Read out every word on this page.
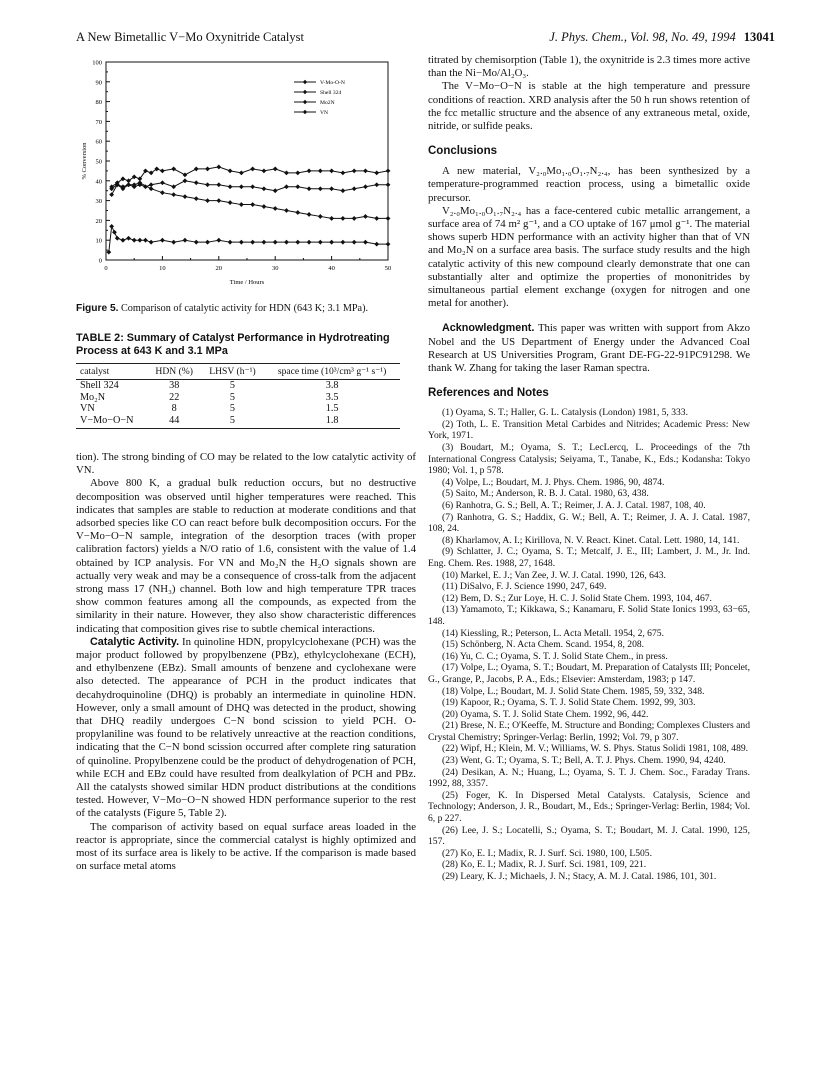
A New Bimetallic V−Mo Oxynitride Catalyst	J. Phys. Chem., Vol. 98, No. 49, 1994 13041
0
10
20
30
40
50
60
70
80
90
100
0	10	20	30	40	50
Time / Hours
% Conversion
V-Mo-O-N
Shell 324
Mo2N
VN
Figure 5. Comparison of catalytic activity for HDN (643 K; 3.1 MPa).
TABLE 2: Summary of Catalyst Performance in Hydrotreating Process at 643 K and 3.1 MPa
catalyst	HDN (%)	LHSV (h⁻¹)	space time (10³/cm³ g⁻¹ s⁻¹)
Shell 324	38	5	3.8
Mo₂N	22	5	3.5
VN	8	5	1.5
V−Mo−O−N	44	5	1.8

tion). The strong binding of CO may be related to the low catalytic activity of VN.

Above 800 K, a gradual bulk reduction occurs, but no destructive decomposition was observed until higher temperatures were reached. This indicates that samples are stable to reduction at moderate conditions and that adsorbed species like CO can react before bulk decomposition occurs. For the V−Mo−O−N sample, integration of the desorption traces (with proper calibration factors) yields a N/O ratio of 1.6, consistent with the value of 1.4 obtained by ICP analysis. For VN and Mo₂N the H₂O signals shown are actually very weak and may be a consequence of cross-talk from the adjacent strong mass 17 (NH₃) channel. Both low and high temperature TPR traces show common features among all the compounds, as expected from the similarity in their nature. However, they also show characteristic differences indicating that composition gives rise to subtle chemical interactions.

Catalytic Activity. In quinoline HDN, propylcyclohexane (PCH) was the major product followed by propylbenzene (PBz), ethylcyclohexane (ECH), and ethylbenzene (EBz). Small amounts of benzene and cyclohexane were also detected. The appearance of PCH in the product indicates that decahydroquinoline (DHQ) is probably an intermediate in quinoline HDN. However, only a small amount of DHQ was detected in the product, showing that DHQ readily undergoes C−N bond scission to yield PCH. O-propylaniline was found to be relatively unreactive at the reaction conditions, indicating that the C−N bond scission occurred after complete ring saturation of quinoline. Propylbenzene could be the product of dehydrogenation of PCH, while ECH and EBz could have resulted from dealkylation of PCH and PBz. All the catalysts showed similar HDN product distributions at the conditions tested. However, V−Mo−O−N showed HDN performance superior to the rest of the catalysts (Figure 5, Table 2).

The comparison of activity based on equal surface areas loaded in the reactor is appropriate, since the commercial catalyst is highly optimized and most of its surface area is likely to be active. If the comparison is made based on surface metal atoms

titrated by chemisorption (Table 1), the oxynitride is 2.3 times more active than the Ni−Mo/Al₂O₃.

The V−Mo−O−N is stable at the high temperature and pressure conditions of reaction. XRD analysis after the 50 h run shows retention of the fcc metallic structure and the absence of any extraneous metal, oxide, nitride, or sulfide peaks.

Conclusions

A new material, V₂.₀Mo₁.₀O₁.₇N₂.₄, has been synthesized by a temperature-programmed reaction process, using a bimetallic oxide precursor.

V₂.₀Mo₁.₀O₁.₇N₂.₄ has a face-centered cubic metallic arrangement, a surface area of 74 m² g⁻¹, and a CO uptake of 167 μmol g⁻¹. The material shows superb HDN performance with an activity higher than that of VN and Mo₂N on a surface area basis. The surface study results and the high catalytic activity of this new compound clearly demonstrate that one can substantially alter and optimize the properties of mononitrides by simultaneous partial element exchange (oxygen for nitrogen and one metal for another).

Acknowledgment. This paper was written with support from Akzo Nobel and the US Department of Energy under the Advanced Coal Research at US Universities Program, Grant DE-FG-22-91PC91298. We thank W. Zhang for taking the laser Raman spectra.

References and Notes

(1) Oyama, S. T.; Haller, G. L. Catalysis (London) 1981, 5, 333.

(2) Toth, L. E. Transition Metal Carbides and Nitrides; Academic Press: New York, 1971.

(3) Boudart, M.; Oyama, S. T.; LecLercq, L. Proceedings of the 7th International Congress Catalysis; Seiyama, T., Tanabe, K., Eds.; Kodansha: Tokyo 1980; Vol. 1, p 578.

(4) Volpe, L.; Boudart, M. J. Phys. Chem. 1986, 90, 4874.

(5) Saito, M.; Anderson, R. B. J. Catal. 1980, 63, 438.

(6) Ranhotra, G. S.; Bell, A. T.; Reimer, J. A. J. Catal. 1987, 108, 40.

(7) Ranhotra, G. S.; Haddix, G. W.; Bell, A. T.; Reimer, J. A. J. Catal. 1987, 108, 24.

(8) Kharlamov, A. I.; Kirillova, N. V. React. Kinet. Catal. Lett. 1980, 14, 141.

(9) Schlatter, J. C.; Oyama, S. T.; Metcalf, J. E., III; Lambert, J. M., Jr. Ind. Eng. Chem. Res. 1988, 27, 1648.

(10) Markel, E. J.; Van Zee, J. W. J. Catal. 1990, 126, 643.

(11) DiSalvo, F. J. Science 1990, 247, 649.

(12) Bem, D. S.; Zur Loye, H. C. J. Solid State Chem. 1993, 104, 467.

(13) Yamamoto, T.; Kikkawa, S.; Kanamaru, F. Solid State Ionics 1993, 63−65, 148.

(14) Kiessling, R.; Peterson, L. Acta Metall. 1954, 2, 675.

(15) Schönberg, N. Acta Chem. Scand. 1954, 8, 208.

(16) Yu, C. C.; Oyama, S. T. J. Solid State Chem., in press.

(17) Volpe, L.; Oyama, S. T.; Boudart, M. Preparation of Catalysts III; Poncelet, G., Grange, P., Jacobs, P. A., Eds.; Elsevier: Amsterdam, 1983; p 147.

(18) Volpe, L.; Boudart, M. J. Solid State Chem. 1985, 59, 332, 348.

(19) Kapoor, R.; Oyama, S. T. J. Solid State Chem. 1992, 99, 303.

(20) Oyama, S. T. J. Solid State Chem. 1992, 96, 442.

(21) Brese, N. E.; O'Keeffe, M. Structure and Bonding; Complexes Clusters and Crystal Chemistry; Springer-Verlag: Berlin, 1992; Vol. 79, p 307.

(22) Wipf, H.; Klein, M. V.; Williams, W. S. Phys. Status Solidi 1981, 108, 489.

(23) Went, G. T.; Oyama, S. T.; Bell, A. T. J. Phys. Chem. 1990, 94, 4240.

(24) Desikan, A. N.; Huang, L.; Oyama, S. T. J. Chem. Soc., Faraday Trans. 1992, 88, 3357.

(25) Foger, K. In Dispersed Metal Catalysts. Catalysis, Science and Technology; Anderson, J. R., Boudart, M., Eds.; Springer-Verlag: Berlin, 1984; Vol. 6, p 227.

(26) Lee, J. S.; Locatelli, S.; Oyama, S. T.; Boudart, M. J. Catal. 1990, 125, 157.

(27) Ko, E. I.; Madix, R. J. Surf. Sci. 1980, 100, L505.

(28) Ko, E. I.; Madix, R. J. Surf. Sci. 1981, 109, 221.

(29) Leary, K. J.; Michaels, J. N.; Stacy, A. M. J. Catal. 1986, 101, 301.
